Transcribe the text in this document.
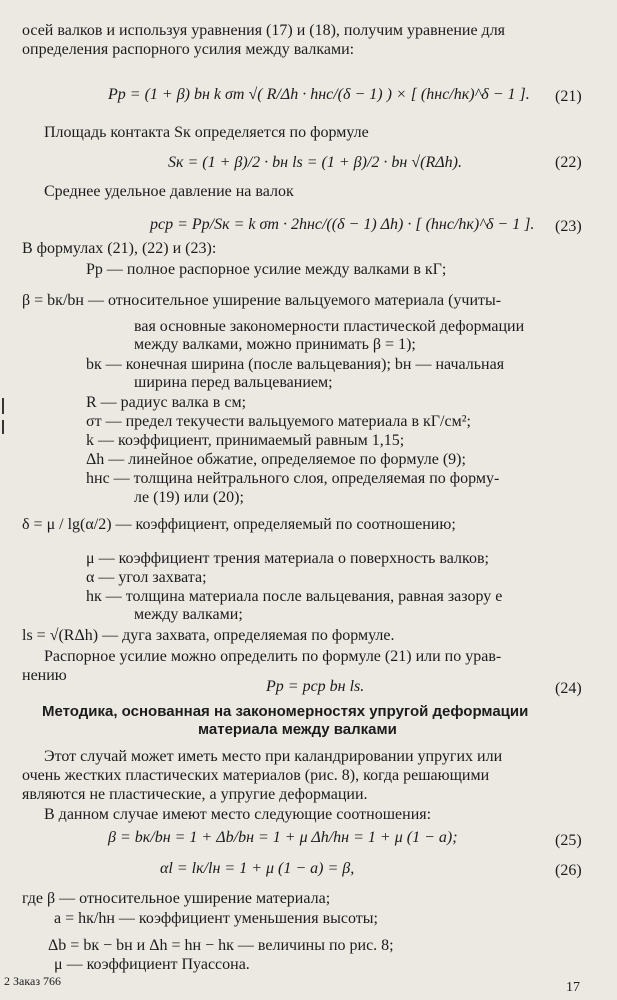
осей валков и используя уравнения (17) и (18), получим уравнение для
определения распорного усилия между валками:
Pр = (1 + β) bн k σт √( R/Δh · hнс/(δ − 1) ) × [ (hнс/hк)^δ − 1 ]. (21)
Площадь контакта Sк определяется по формуле
Sк = (1 + β)/2 · bн ls = (1 + β)/2 · bн √(RΔh).	(22)
Среднее удельное давление на валок
pср = Pр/Sк = k σт · 2hнс/((δ − 1) Δh) · [ (hнс/hк)^δ − 1 ]. (23)
В формулах (21), (22) и (23):
Pр — полное распорное усилие между валками в кГ;
β = bк/bн — относительное уширение вальцуемого материала (учиты-
вая основные закономерности пластической деформации
между валками, можно принимать β = 1);
bк — конечная ширина (после вальцевания); bн — начальная
ширина перед вальцеванием;
R — радиус валка в см;
σт — предел текучести вальцуемого материала в кГ/см²;
k — коэффициент, принимаемый равным 1,15;
Δh — линейное обжатие, определяемое по формуле (9);
hнс — толщина нейтрального слоя, определяемая по форму-
ле (19) или (20);
δ = μ / lg(α/2) — коэффициент, определяемый по соотношению;
μ — коэффициент трения материала о поверхность валков;
α — угол захвата;
hк — толщина материала после вальцевания, равная зазору е
между валками;
ls = √(RΔh) — дуга захвата, определяемая по формуле.
Распорное усилие можно определить по формуле (21) или по урав-
нению
Pр = pср bн ls.	(24)
Методика, основанная на закономерностях упругой деформации
материала между валками
Этот случай может иметь место при каландрировании упругих или
очень жестких пластических материалов (рис. 8), когда решающими
являются не пластические, а упругие деформации.
В данном случае имеют место следующие соотношения:
β = bк/bн = 1 + Δb/bн = 1 + μ Δh/hн = 1 + μ (1 − a);	(25)
αl = lк/lн = 1 + μ (1 − a) = β,	(26)
где β — относительное уширение материала;
a = hк/hн — коэффициент уменьшения высоты;
Δb = bк − bн и Δh = hн − hк — величины по рис. 8;
μ — коэффициент Пуассона.
2 Заказ 766	17
